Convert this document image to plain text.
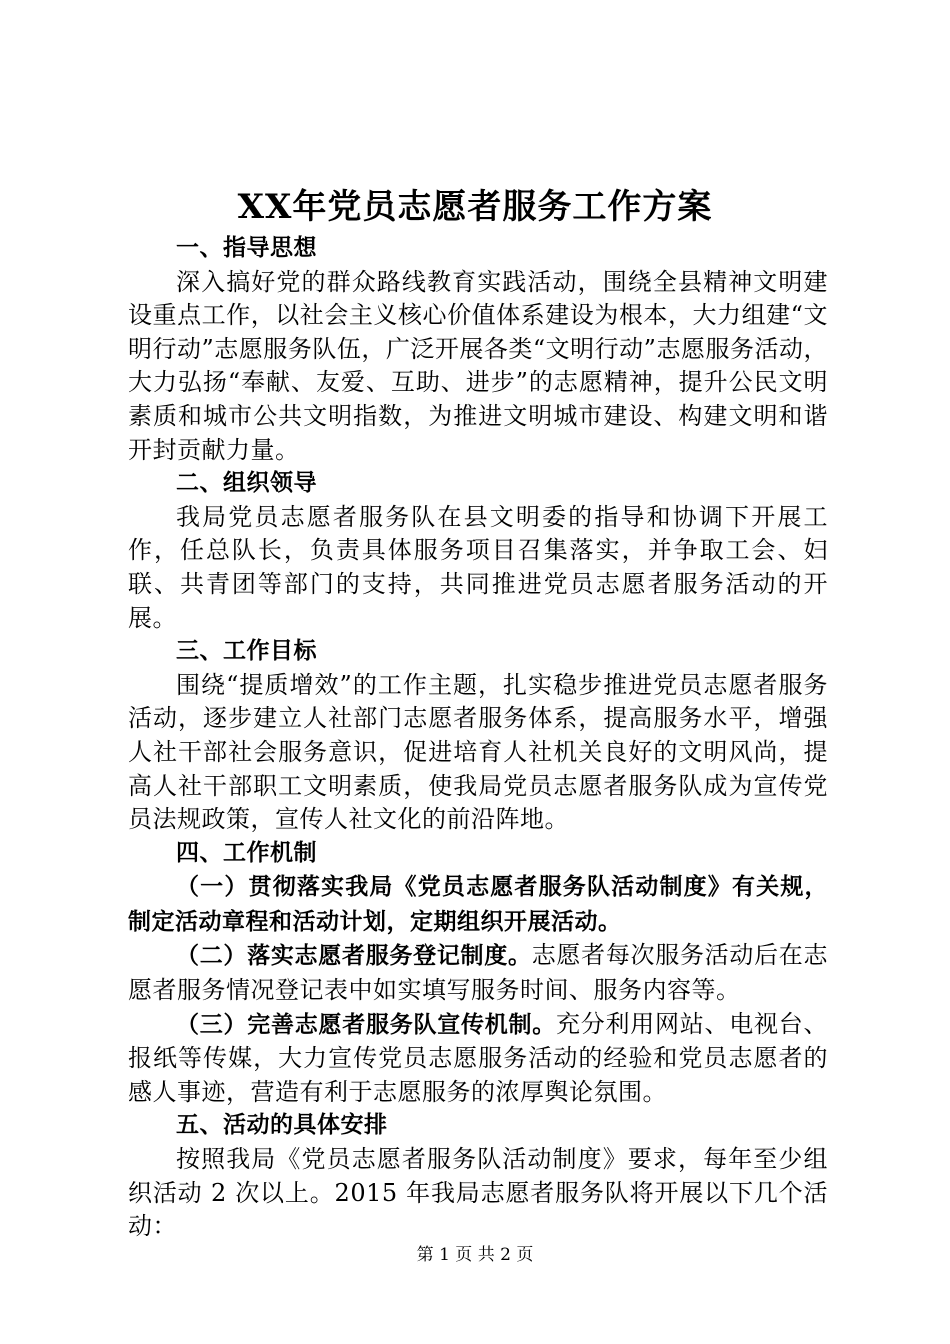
XX年党员志愿者服务工作方案

一、指导思想

深入搞好党的群众路线教育实践活动，围绕全县精神文明建设重点工作，以社会主义核心价值体系建设为根本，大力组建“文明行动”志愿服务队伍，广泛开展各类“文明行动”志愿服务活动，大力弘扬“奉献、友爱、互助、进步”的志愿精神，提升公民文明素质和城市公共文明指数，为推进文明城市建设、构建文明和谐开封贡献力量。

二、组织领导

我局党员志愿者服务队在县文明委的指导和协调下开展工作，任总队长，负责具体服务项目召集落实，并争取工会、妇联、共青团等部门的支持，共同推进党员志愿者服务活动的开展。

三、工作目标

围绕“提质增效”的工作主题，扎实稳步推进党员志愿者服务活动，逐步建立人社部门志愿者服务体系，提高服务水平，增强人社干部社会服务意识，促进培育人社机关良好的文明风尚，提高人社干部职工文明素质，使我局党员志愿者服务队成为宣传党员法规政策，宣传人社文化的前沿阵地。

四、工作机制

（一）贯彻落实我局《党员志愿者服务队活动制度》有关规，制定活动章程和活动计划，定期组织开展活动。

（二）落实志愿者服务登记制度。志愿者每次服务活动后在志愿者服务情况登记表中如实填写服务时间、服务内容等。

（三）完善志愿者服务队宣传机制。充分利用网站、电视台、报纸等传媒，大力宣传党员志愿服务活动的经验和党员志愿者的感人事迹，营造有利于志愿服务的浓厚舆论氛围。

五、活动的具体安排

按照我局《党员志愿者服务队活动制度》要求，每年至少组织活动 2 次以上。2015 年我局志愿者服务队将开展以下几个活动：

第 1 页 共 2 页
